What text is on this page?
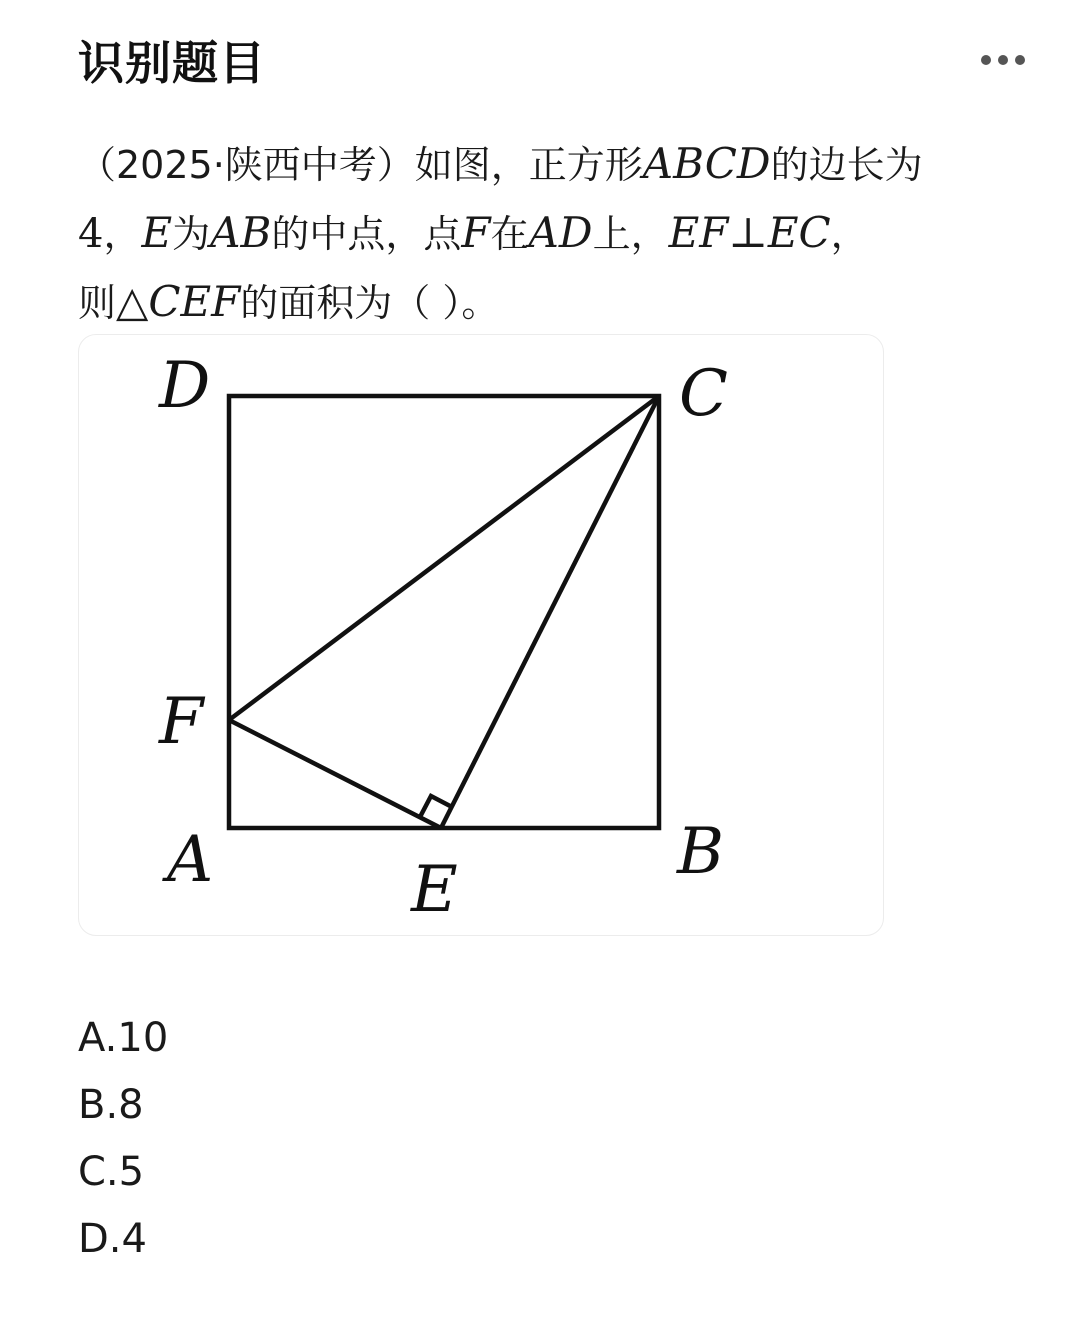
识别题目
（2025·陕西中考）如图，正方形ABCD的边长为
4，E为AB的中点，点F在AD上，EF⊥EC，
则△CEF的面积为（ ）。
D	C
F
A	E
B
A.10
B.8
C.5
D.4
